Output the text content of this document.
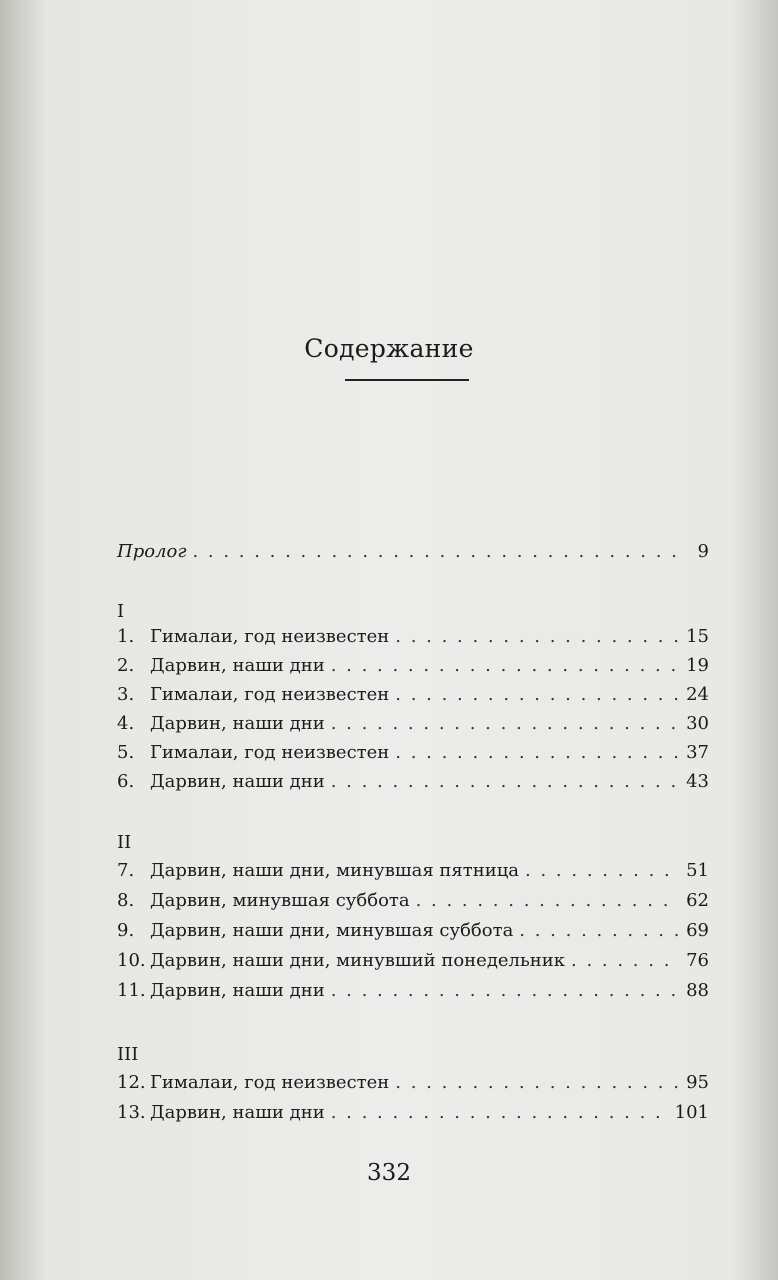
Содержание
Пролог . . .	9
I
1. Гималаи, год неизвестен . . .	15
2. Дарвин, наши дни . . .	19
3. Гималаи, год неизвестен . . .	24
4. Дарвин, наши дни . . .	30
5. Гималаи, год неизвестен . . .	37
6. Дарвин, наши дни . . .	43
II
7. Дарвин, наши дни, минувшая пятница . . .	51
8. Дарвин, минувшая суббота . . .	62
9. Дарвин, наши дни, минувшая суббота . . .	69
10. Дарвин, наши дни, минувший понедельник . . .	76
11. Дарвин, наши дни . . .	88
III
12. Гималаи, год неизвестен . . .	95
13. Дарвин, наши дни . . .	101
332
